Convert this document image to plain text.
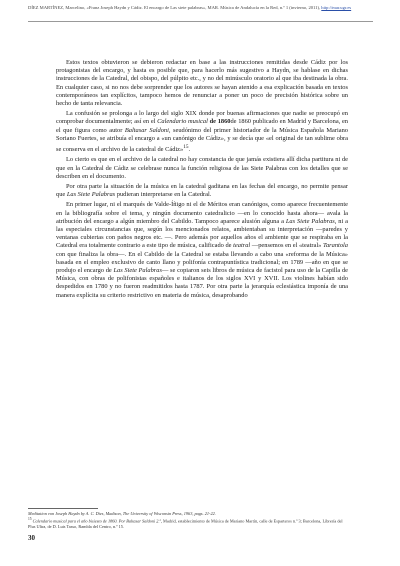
DÍEZ MARTÍNEZ, Marcelino, «Franz Joseph Haydn y Cádiz. El encargo de Las siete palabras», MAR. Música de Andalucía en la Red, n.º 1 (invierno, 2011), http://mar.ugr.es

Estos textos obtuvieron se debieron redactar en base a las instrucciones remitidas desde Cádiz por los protagonistas del encargo, y hasta es posible que, para hacerlo más sugestivo a Haydn, se hablase en dichas instrucciones de la Catedral, del obispo, del púlpito etc., y no del minúsculo oratorio al que iba destinada la obra. En cualquier caso, si no nos debe sorprender que los autores se hayan atenido a esa explicación basada en textos contemporáneos tan explícitos, tampoco hemos de renunciar a poner un poco de precisión histórica sobre un hecho de tanta relevancia.

La confusión se prolonga a lo largo del siglo XIX donde por buenas afirmaciones que nadie se preocupó en comprobar documentalmente; así en el Calendario musical de 1860de 1860 publicado en Madrid y Barcelona, en el que figura como autor Baltasar Saldoni, seudónimo del primer historiador de la Música Española Mariano Soriano Fuertes, se atribuía el encargo a «un canónigo de Cádiz», y se decía que «el original de tan sublime obra se conserva en el archivo de la catedral de Cádiz»$^{15}$.

Lo cierto es que en el archivo de la catedral no hay constancia de que jamás existiera allí dicha partitura ni de que en la Catedral de Cádiz se celebrase nunca la función religiosa de las Siete Palabras con los detalles que se describen en el documento.

Por otra parte la situación de la música en la catedral gaditana en las fechas del encargo, no permite pensar que Las Siete Palabras pudieran interpretarse en la Catedral.

En primer lugar, ni el marqués de Valde-Íñigo ni el de Méritos eran canónigos, como aparece frecuentemente en la bibliografía sobre el tema, y ningún documento catedralicio —en lo conocido hasta ahora— avala la atribución del encargo a algún miembro del Cabildo. Tampoco aparece alusión alguna a Las Siete Palabras, ni a las especiales circunstancias que, según los mencionados relatos, ambientaban su interpretación —paredes y ventanas cubiertas con paños negros etc. —. Pero además por aquellos años el ambiente que se respiraba en la Catedral era totalmente contrario a este tipo de música, calificado de teatral —pensemos en el «teatral» Tarantola con que finaliza la obra—. En el Cabildo de la Catedral se estaba llevando a cabo una «reforma de la Música» basada en el empleo exclusivo de canto llano y polifonía contrapuntística tradicional; en 1789 —año en que se produjo el encargo de Las Siete Palabras— se copiaron seis libros de música de facistol para uso de la Capilla de Música, con obras de polifonistas españoles e italianos de los siglos XVI y XVII. Los violines habían sido despedidos en 1780 y no fueron readmitidos hasta 1787. Por otra parte la jerarquía eclesiástica imponía de una manera explícita su criterio restrictivo en materia de música, desaprobando

Meditation von Joseph Haydn by A. C. Dies, Madison, The University of Wisconsin Press, 1963, pags. 21-22.

$^{15}$ Calendario musical para el año bisiesto de 1860. Por Baltasar Saldoni 2.º, Madrid, establecimiento de Música de Mariano Martín, calle de Esparteros n.º 3; Barcelona, Librería del Plus Ultra, de D. Luis Tasso, Rambla del Centro, n.º 15.

30
